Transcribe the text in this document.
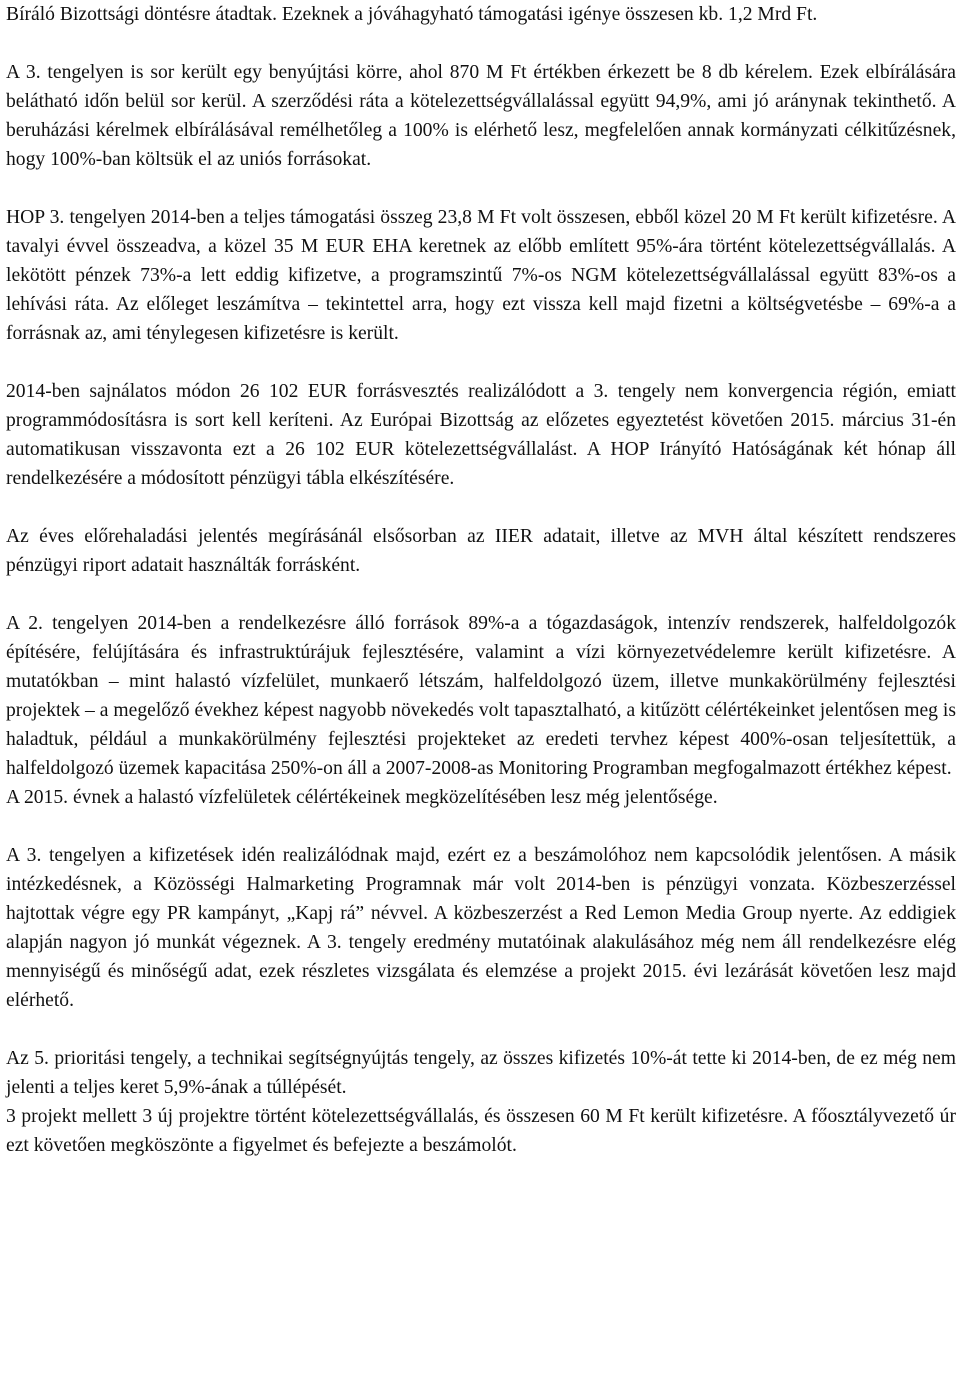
Bíráló Bizottsági döntésre átadtak. Ezeknek a jóváhagyható támogatási igénye összesen kb. 1,2 Mrd Ft.

A 3. tengelyen is sor került egy benyújtási körre, ahol 870 M Ft értékben érkezett be 8 db kérelem. Ezek elbírálására belátható időn belül sor kerül. A szerződési ráta a kötelezettségvállalással együtt 94,9%, ami jó aránynak tekinthető. A beruházási kérelmek elbírálásával remélhetőleg a 100% is elérhető lesz, megfelelően annak kormányzati célkitűzésnek, hogy 100%-ban költsük el az uniós forrásokat.

HOP 3. tengelyen 2014-ben a teljes támogatási összeg 23,8 M Ft volt összesen, ebből közel 20 M Ft került kifizetésre. A tavalyi évvel összeadva, a közel 35 M EUR EHA keretnek az előbb említett 95%-ára történt kötelezettségvállalás. A lekötött pénzek 73%-a lett eddig kifizetve, a programszintű 7%-os NGM kötelezettségvállalással együtt 83%-os a lehívási ráta. Az előleget leszámítva – tekintettel arra, hogy ezt vissza kell majd fizetni a költségvetésbe – 69%-a a forrásnak az, ami ténylegesen kifizetésre is került.

2014-ben sajnálatos módon 26 102 EUR forrásvesztés realizálódott a 3. tengely nem konvergencia régión, emiatt programmódosításra is sort kell keríteni. Az Európai Bizottság az előzetes egyeztetést követően 2015. március 31-én automatikusan visszavonta ezt a 26 102 EUR kötelezettségvállalást. A HOP Irányító Hatóságának két hónap áll rendelkezésére a módosított pénzügyi tábla elkészítésére.

Az éves előrehaladási jelentés megírásánál elsősorban az IIER adatait, illetve az MVH által készített rendszeres pénzügyi riport adatait használták forrásként.

A 2. tengelyen 2014-ben a rendelkezésre álló források 89%-a a tógazdaságok, intenzív rendszerek, halfeldolgozók építésére, felújítására és infrastruktúrájuk fejlesztésére, valamint a vízi környezetvédelemre került kifizetésre. A mutatókban – mint halastó vízfelület, munkaerő létszám, halfeldolgozó üzem, illetve munkakörülmény fejlesztési projektek – a megelőző évekhez képest nagyobb növekedés volt tapasztalható, a kitűzött célértékeinket jelentősen meg is haladtuk, például a munkakörülmény fejlesztési projekteket az eredeti tervhez képest 400%-osan teljesítettük, a halfeldolgozó üzemek kapacitása 250%-on áll a 2007-2008-as Monitoring Programban megfogalmazott értékhez képest.

A 2015. évnek a halastó vízfelületek célértékeinek megközelítésében lesz még jelentősége.

A 3. tengelyen a kifizetések idén realizálódnak majd, ezért ez a beszámolóhoz nem kapcsolódik jelentősen. A másik intézkedésnek, a Közösségi Halmarketing Programnak már volt 2014-ben is pénzügyi vonzata. Közbeszerzéssel hajtottak végre egy PR kampányt, „Kapj rá” névvel. A közbeszerzést a Red Lemon Media Group nyerte. Az eddigiek alapján nagyon jó munkát végeznek. A 3. tengely eredmény mutatóinak alakulásához még nem áll rendelkezésre elég mennyiségű és minőségű adat, ezek részletes vizsgálata és elemzése a projekt 2015. évi lezárását követően lesz majd elérhető.

Az 5. prioritási tengely, a technikai segítségnyújtás tengely, az összes kifizetés 10%-át tette ki 2014-ben, de ez még nem jelenti a teljes keret 5,9%-ának a túllépését.

3 projekt mellett 3 új projektre történt kötelezettségvállalás, és összesen 60 M Ft került kifizetésre. A főosztályvezető úr ezt követően megköszönte a figyelmet és befejezte a beszámolót.
